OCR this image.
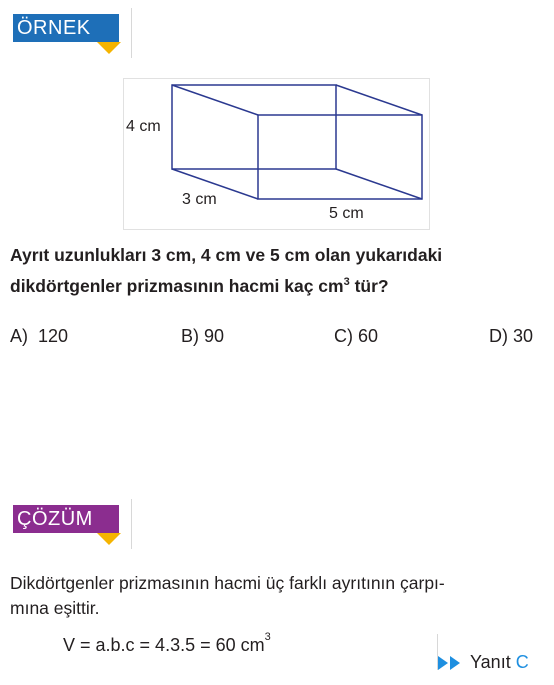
ÖRNEK
4 cm
3 cm
5 cm
Ayrıt uzunlukları 3 cm, 4 cm ve 5 cm olan yukarıdaki
dikdörtgenler prizmasının hacmi kaç $cm^3$ tür?
A) 120	B) 90	C) 60	D) 30
ÇÖZÜM
Dikdörtgenler prizmasının hacmi üç farklı ayrıtının çarpı-
mına eşittir.
V = a.b.c = 4.3.5 = 60 $cm^3$
Yanıt C
